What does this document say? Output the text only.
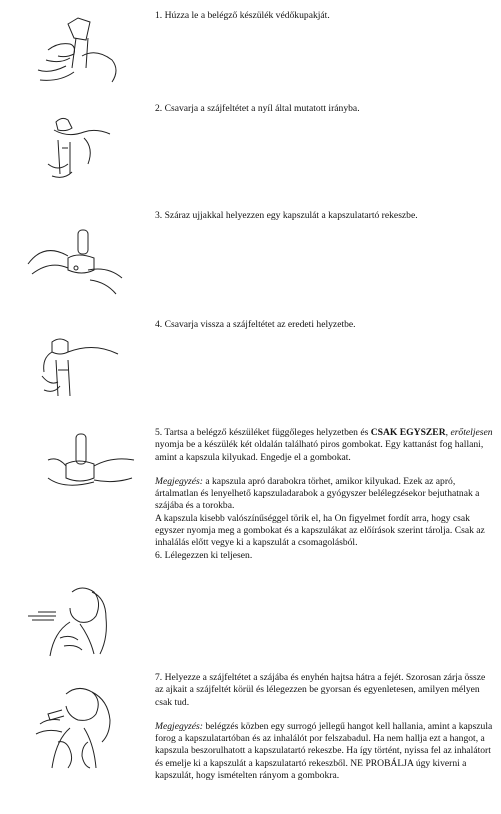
1. Húzza le a belégző készülék védőkupakját.

2. Csavarja a szájfeltétet a nyíl által mutatott irányba.

3. Száraz ujjakkal helyezzen egy kapszulát a kapszulatartó rekeszbe.

4. Csavarja vissza a szájfeltétet az eredeti helyzetbe.

5. Tartsa a belégző készüléket függőleges helyzetben és CSAK EGYSZER, erőteljesen nyomja be a készülék két oldalán található piros gombokat. Egy kattanást fog hallani, amint a kapszula kilyukad. Engedje el a gombokat.

Megjegyzés: a kapszula apró darabokra törhet, amikor kilyukad. Ezek az apró, ártalmatlan és lenyelhető kapszuladarabok a gyógyszer belélegzésekor bejuthatnak a szájába és a torokba.

A kapszula kisebb valószínűséggel törik el, ha On figyelmet fordít arra, hogy csak egyszer nyomja meg a gombokat és a kapszulákat az előírások szerint tárolja. Csak az inhalálás előtt vegye ki a kapszulát a csomagolásból.

6. Lélegezzen ki teljesen.

7. Helyezze a szájfeltétet a szájába és enyhén hajtsa hátra a fejét. Szorosan zárja össze az ajkait a szájfeltét körül és lélegezzen be gyorsan és egyenletesen, amilyen mélyen csak tud.

Megjegyzés: belégzés közben egy surrogó jellegű hangot kell hallania, amint a kapszula forog a kapszulatartóban és az inhalálót por felszabadul. Ha nem hallja ezt a hangot, a kapszula beszorulhatott a kapszulatartó rekeszbe. Ha így történt, nyissa fel az inhalátort és emelje ki a kapszulát a kapszulatartó rekeszből. NE PROBÁLJA úgy kiverni a kapszulát, hogy ismételten rányom a gombokra.
